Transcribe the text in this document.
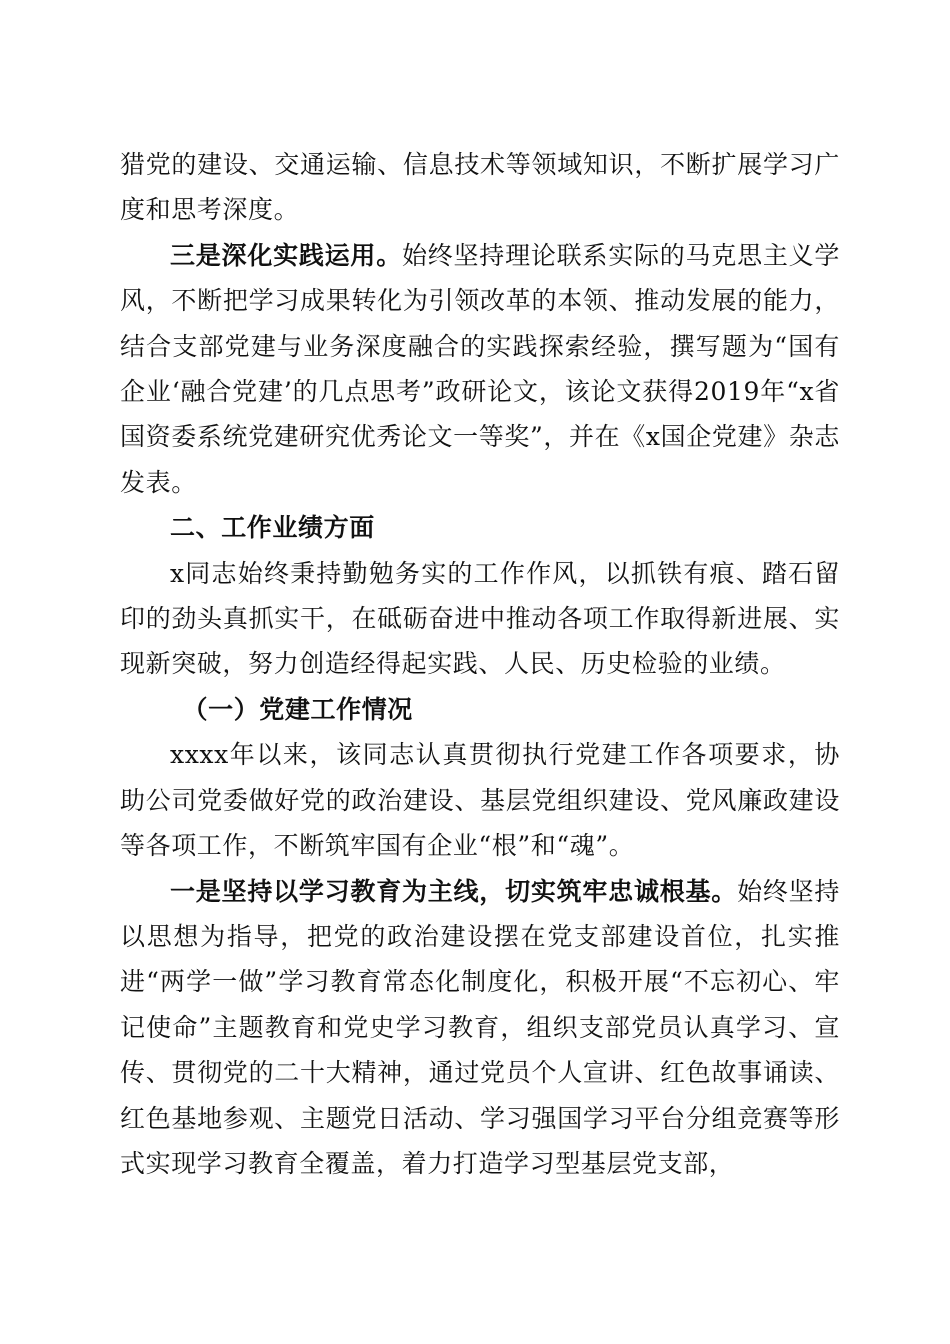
猎党的建设、交通运输、信息技术等领域知识，不断扩展学习广度和思考深度。

三是深化实践运用。始终坚持理论联系实际的马克思主义学风，不断把学习成果转化为引领改革的本领、推动发展的能力，结合支部党建与业务深度融合的实践探索经验，撰写题为“国有企业‘融合党建’的几点思考”政研论文，该论文获得2019年“x省国资委系统党建研究优秀论文一等奖”，并在《x国企党建》杂志发表。

二、工作业绩方面

x同志始终秉持勤勉务实的工作作风，以抓铁有痕、踏石留印的劲头真抓实干，在砥砺奋进中推动各项工作取得新进展、实现新突破，努力创造经得起实践、人民、历史检验的业绩。

（一）党建工作情况

xxxx年以来，该同志认真贯彻执行党建工作各项要求，协助公司党委做好党的政治建设、基层党组织建设、党风廉政建设等各项工作，不断筑牢国有企业“根”和“魂”。

一是坚持以学习教育为主线，切实筑牢忠诚根基。始终坚持以思想为指导，把党的政治建设摆在党支部建设首位，扎实推进“两学一做”学习教育常态化制度化，积极开展“不忘初心、牢记使命”主题教育和党史学习教育，组织支部党员认真学习、宣传、贯彻党的二十大精神，通过党员个人宣讲、红色故事诵读、红色基地参观、主题党日活动、学习强国学习平台分组竞赛等形式实现学习教育全覆盖，着力打造学习型基层党支部，
